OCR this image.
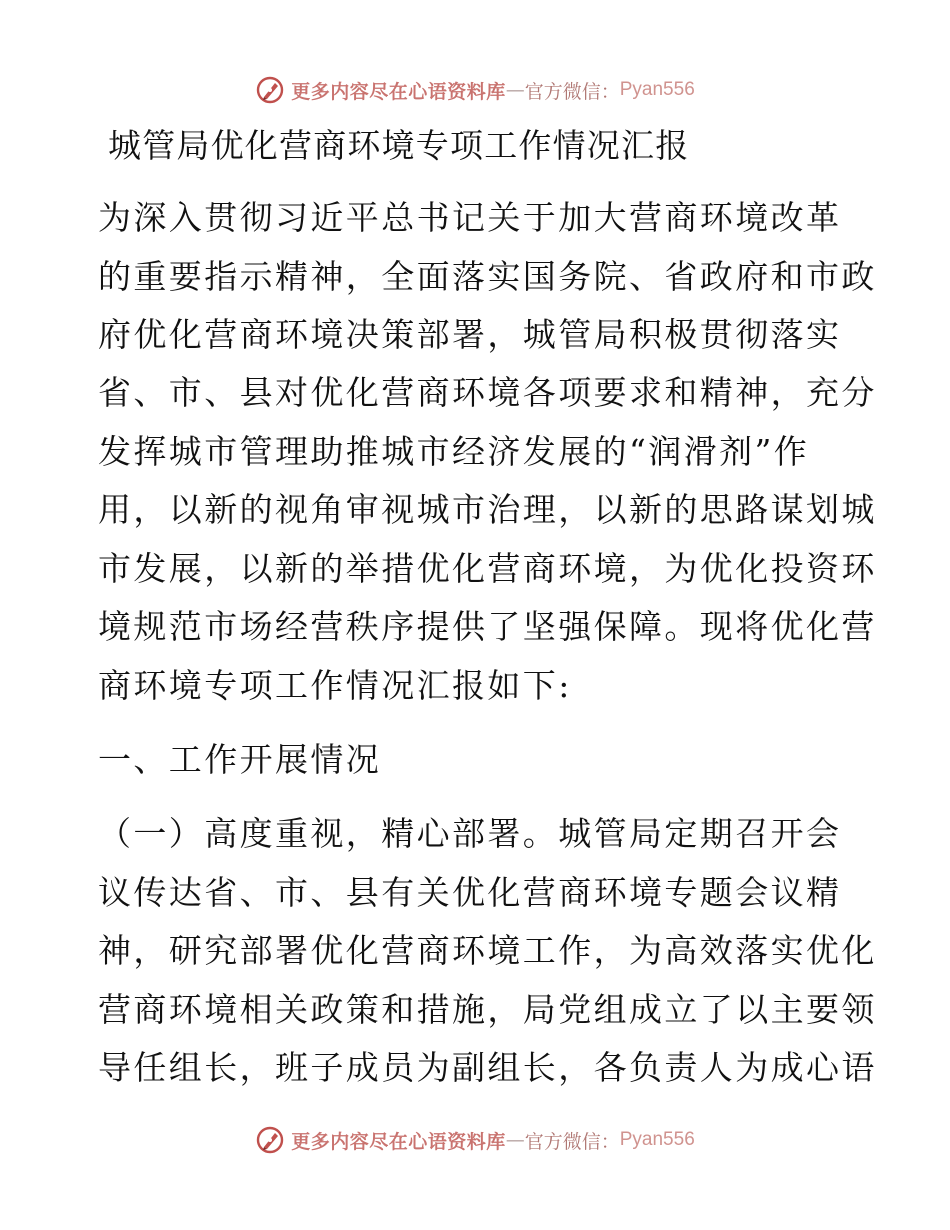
更多内容尽在心语资料库 — 官方微信： Pyan556
城管局优化营商环境专项工作情况汇报

为深入贯彻习近平总书记关于加大营商环境改革

的重要指示精神，全面落实国务院、省政府和市政

府优化营商环境决策部署，城管局积极贯彻落实

省、市、县对优化营商环境各项要求和精神，充分

发挥城市管理助推城市经济发展的“润滑剂”作

用，以新的视角审视城市治理，以新的思路谋划城

市发展，以新的举措优化营商环境，为优化投资环

境规范市场经营秩序提供了坚强保障。现将优化营

商环境专项工作情况汇报如下:

一、工作开展情况

（一）高度重视，精心部署。城管局定期召开会

议传达省、市、县有关优化营商环境专题会议精

神，研究部署优化营商环境工作，为高效落实优化

营商环境相关政策和措施，局党组成立了以主要领

导任组长，班子成员为副组长，各负责人为成心语

更多内容尽在心语资料库 — 官方微信： Pyan556
